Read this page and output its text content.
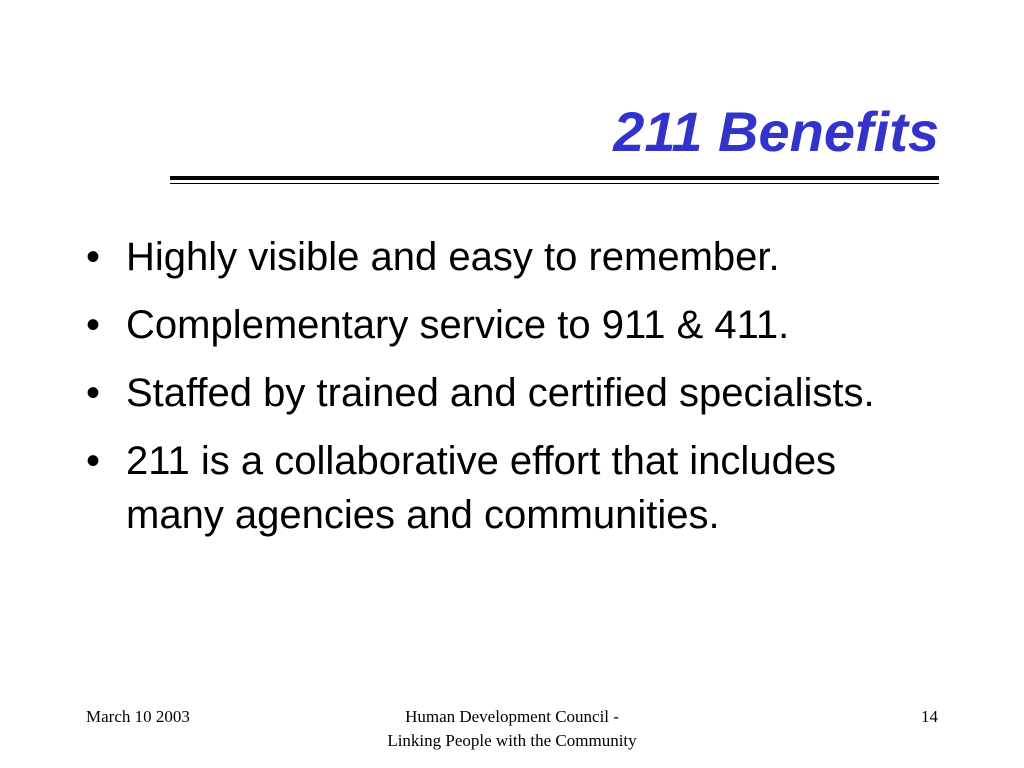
211 Benefits
• Highly visible and easy to remember.
• Complementary service to 911 & 411.
• Staffed by trained and certified specialists.
• 211 is a collaborative effort that includes many agencies and communities.
March 10 2003	Human Development Council -
Linking People with the Community
14
